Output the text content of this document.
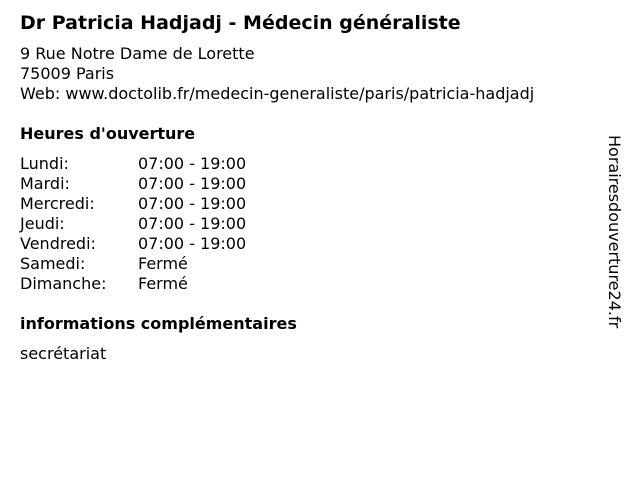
Dr Patricia Hadjadj - Médecin généraliste
9 Rue Notre Dame de Lorette
75009 Paris
Web: www.doctolib.fr/medecin-generaliste/paris/patricia-hadjadj
Heures d'ouverture
Lundi:	07:00 - 19:00
Mardi:	07:00 - 19:00
Mercredi:	07:00 - 19:00
Jeudi:	07:00 - 19:00
Vendredi:	07:00 - 19:00
Samedi:	Fermé
Dimanche: Fermé
informations complémentaires
secrétariat
Horairesdouverture24.fr
